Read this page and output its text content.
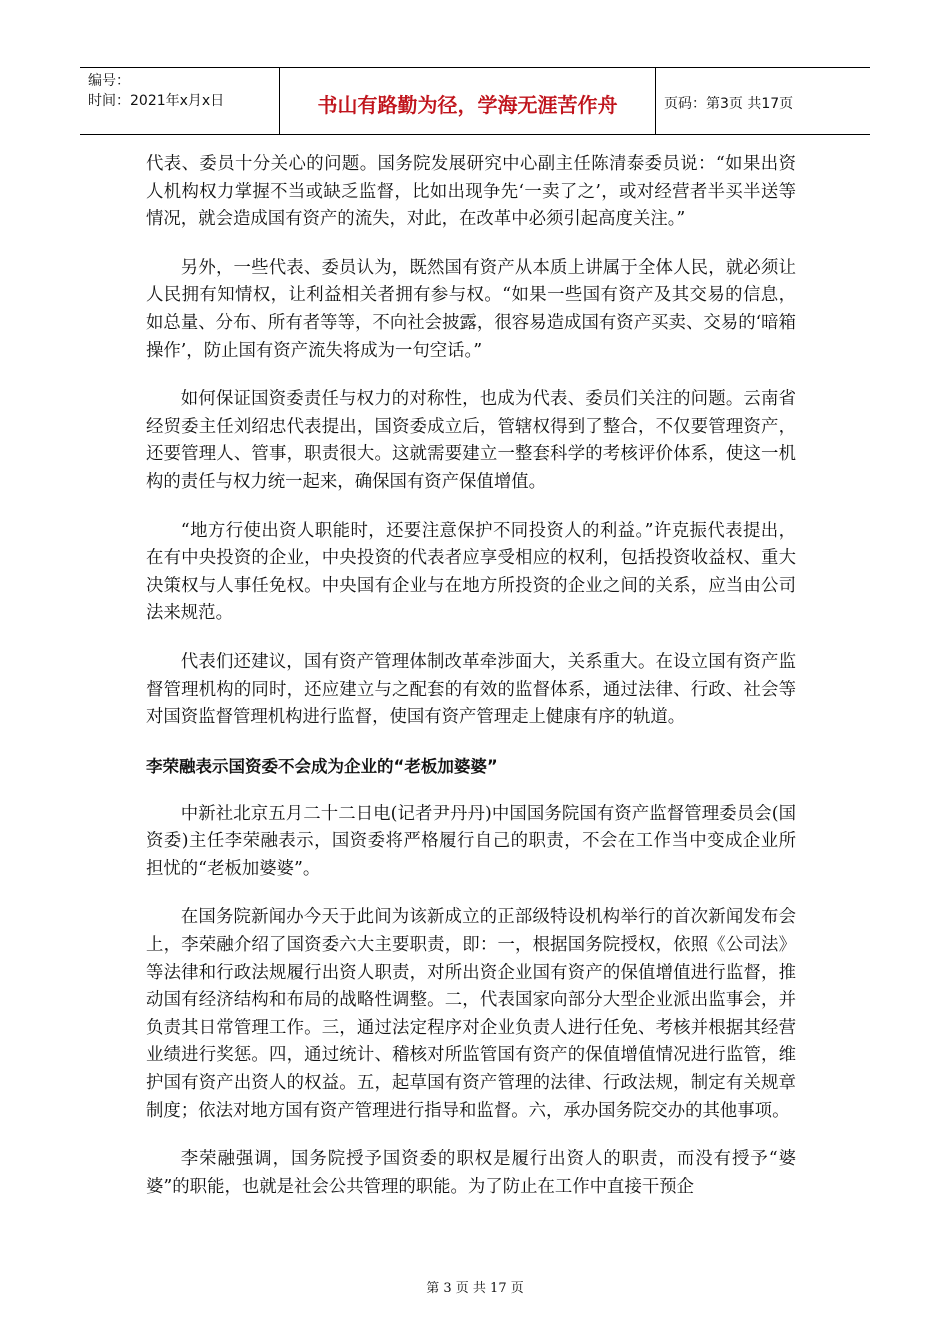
编号：
时间：2021年x月x日	书山有路勤为径，学海无涯苦作舟	页码：第3页 共17页

代表、委员十分关心的问题。国务院发展研究中心副主任陈清泰委员说：“如果出资人机构权力掌握不当或缺乏监督，比如出现争先‘一卖了之’，或对经营者半买半送等情况，就会造成国有资产的流失，对此，在改革中必须引起高度关注。”

另外，一些代表、委员认为，既然国有资产从本质上讲属于全体人民，就必须让人民拥有知情权，让利益相关者拥有参与权。“如果一些国有资产及其交易的信息，如总量、分布、所有者等等，不向社会披露，很容易造成国有资产买卖、交易的‘暗箱操作’，防止国有资产流失将成为一句空话。”

如何保证国资委责任与权力的对称性，也成为代表、委员们关注的问题。云南省经贸委主任刘绍忠代表提出，国资委成立后，管辖权得到了整合，不仅要管理资产，还要管理人、管事，职责很大。这就需要建立一整套科学的考核评价体系，使这一机构的责任与权力统一起来，确保国有资产保值增值。

“地方行使出资人职能时，还要注意保护不同投资人的利益。”许克振代表提出，在有中央投资的企业，中央投资的代表者应享受相应的权利，包括投资收益权、重大决策权与人事任免权。中央国有企业与在地方所投资的企业之间的关系，应当由公司法来规范。

代表们还建议，国有资产管理体制改革牵涉面大，关系重大。在设立国有资产监督管理机构的同时，还应建立与之配套的有效的监督体系，通过法律、行政、社会等对国资监督管理机构进行监督，使国有资产管理走上健康有序的轨道。

李荣融表示国资委不会成为企业的“老板加婆婆”

中新社北京五月二十二日电(记者尹丹丹)中国国务院国有资产监督管理委员会(国资委)主任李荣融表示，国资委将严格履行自己的职责，不会在工作当中变成企业所担忧的“老板加婆婆”。

在国务院新闻办今天于此间为该新成立的正部级特设机构举行的首次新闻发布会上，李荣融介绍了国资委六大主要职责，即：一，根据国务院授权，依照《公司法》等法律和行政法规履行出资人职责，对所出资企业国有资产的保值增值进行监督，推动国有经济结构和布局的战略性调整。二，代表国家向部分大型企业派出监事会，并负责其日常管理工作。三，通过法定程序对企业负责人进行任免、考核并根据其经营业绩进行奖惩。四，通过统计、稽核对所监管国有资产的保值增值情况进行监管，维护国有资产出资人的权益。五，起草国有资产管理的法律、行政法规，制定有关规章制度；依法对地方国有资产管理进行指导和监督。六，承办国务院交办的其他事项。

李荣融强调，国务院授予国资委的职权是履行出资人的职责，而没有授予“婆婆”的职能，也就是社会公共管理的职能。为了防止在工作中直接干预企

第 3 页 共 17 页
